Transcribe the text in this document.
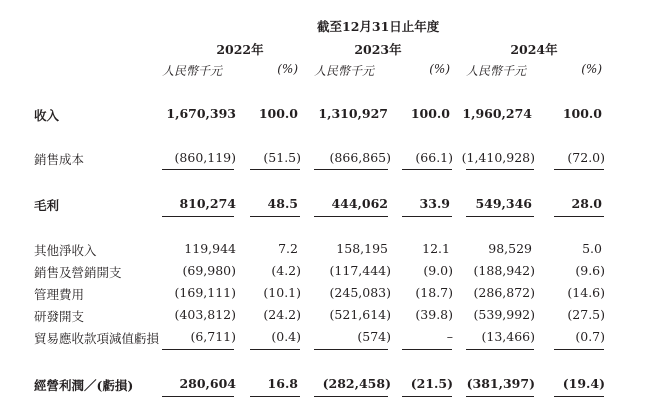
截至12月31日止年度
2022年	2023年	2024年
人民幣千元	(%) 人民幣千元	(%) 人民幣千元	(%)
收入	1,670,393	100.0	1,310,927	100.0 1,960,274	100.0
銷售成本	(860,119)	(51.5)	(866,865)	(66.1) (1,410,928)	(72.0)
毛利	810,274	48.5	444,062	33.9	549,346	28.0
其他淨收入	119,944	7.2	158,195	12.1	98,529	5.0
銷售及營銷開支	(69,980)	(4.2)	(117,444)	(9.0)	(188,942)	(9.6)
管理費用	(169,111)	(10.1)	(245,083)	(18.7)	(286,872)	(14.6)
研發開支	(403,812)	(24.2)	(521,614)	(39.8)	(539,992)	(27.5)
貿易應收款項減值虧損	(6,711)	(0.4)	(574)	–	(13,466)	(0.7)
經營利潤／(虧損)	280,604	16.8	(282,458)	(21.5)	(381,397)	(19.4)
